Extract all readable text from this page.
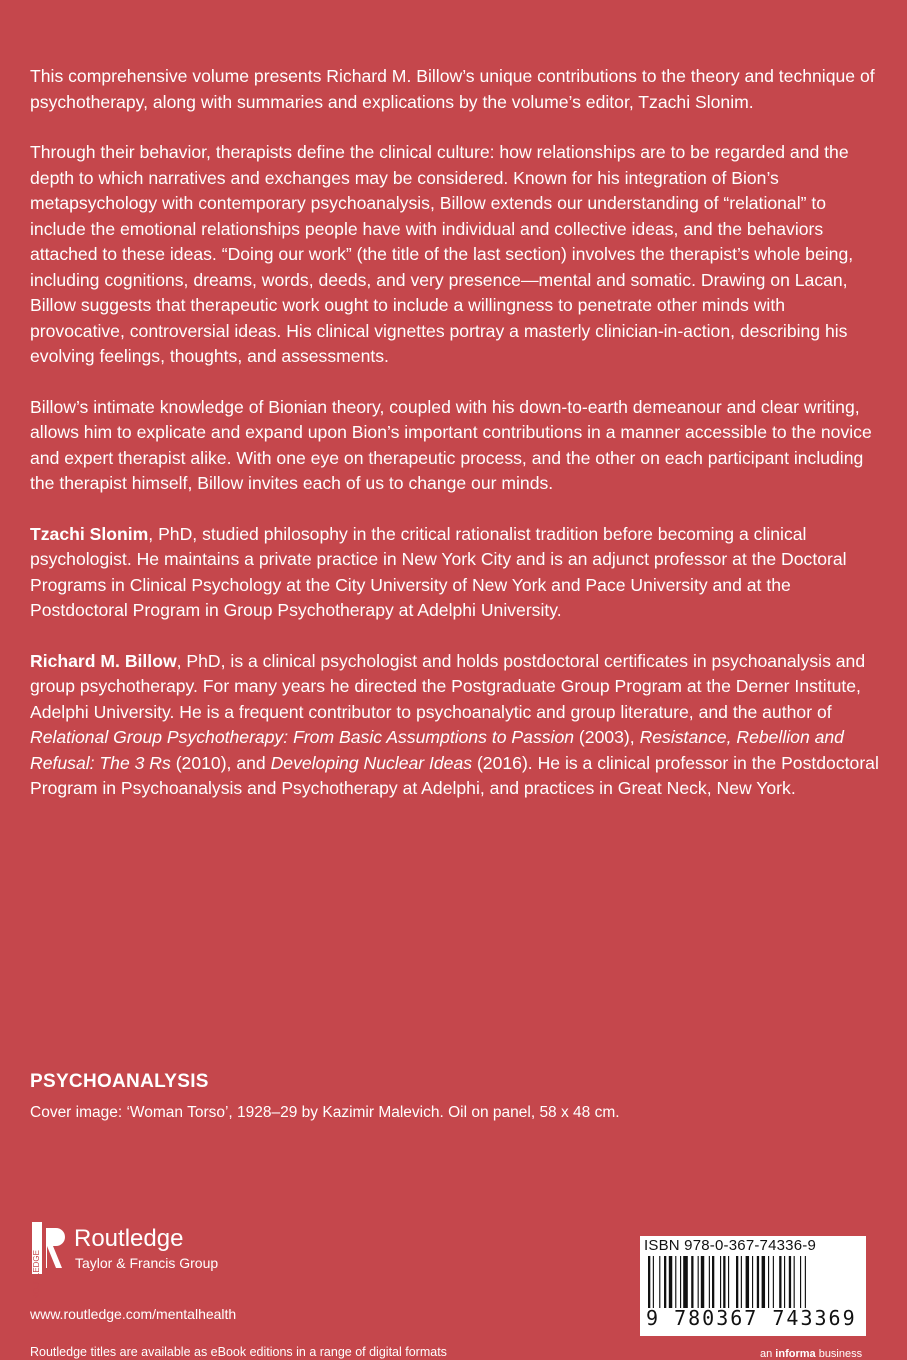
This comprehensive volume presents Richard M. Billow’s unique contributions to the theory and technique of psychotherapy, along with summaries and explications by the volume’s editor, Tzachi Slonim.

Through their behavior, therapists define the clinical culture: how relationships are to be regarded and the depth to which narratives and exchanges may be considered. Known for his integration of Bion’s metapsychology with contemporary psychoanalysis, Billow extends our understanding of “relational” to include the emotional relationships people have with individual and collective ideas, and the behaviors attached to these ideas. “Doing our work” (the title of the last section) involves the therapist’s whole being, including cognitions, dreams, words, deeds, and very presence—mental and somatic. Drawing on Lacan, Billow suggests that therapeutic work ought to include a willingness to penetrate other minds with provocative, controversial ideas. His clinical vignettes portray a masterly clinician-in-action, describing his evolving feelings, thoughts, and assessments.

Billow’s intimate knowledge of Bionian theory, coupled with his down-to-earth demeanour and clear writing, allows him to explicate and expand upon Bion’s important contributions in a manner accessible to the novice and expert therapist alike. With one eye on therapeutic process, and the other on each participant including the therapist himself, Billow invites each of us to change our minds.

Tzachi Slonim, PhD, studied philosophy in the critical rationalist tradition before becoming a clinical psychologist. He maintains a private practice in New York City and is an adjunct professor at the Doctoral Programs in Clinical Psychology at the City University of New York and Pace University and at the Postdoctoral Program in Group Psychotherapy at Adelphi University.

Richard M. Billow, PhD, is a clinical psychologist and holds postdoctoral certificates in psychoanalysis and group psychotherapy. For many years he directed the Postgraduate Group Program at the Derner Institute, Adelphi University. He is a frequent contributor to psychoanalytic and group literature, and the author of Relational Group Psychotherapy: From Basic Assumptions to Passion (2003), Resistance, Rebellion and Refusal: The 3 Rs (2010), and Developing Nuclear Ideas (2016). He is a clinical professor in the Postdoctoral Program in Psychoanalysis and Psychotherapy at Adelphi, and practices in Great Neck, New York.

PSYCHOANALYSIS
Cover image: ‘Woman Torso’, 1928–29 by Kazimir Malevich. Oil on panel, 58 x 48 cm.
ROUTLEDGE
Routledge
Taylor & Francis Group
www.routledge.com/mentalhealth
Routledge titles are available as eBook editions in a range of digital formats
ISBN 978-0-367-74336-9
9 780367 743369
an informa business
